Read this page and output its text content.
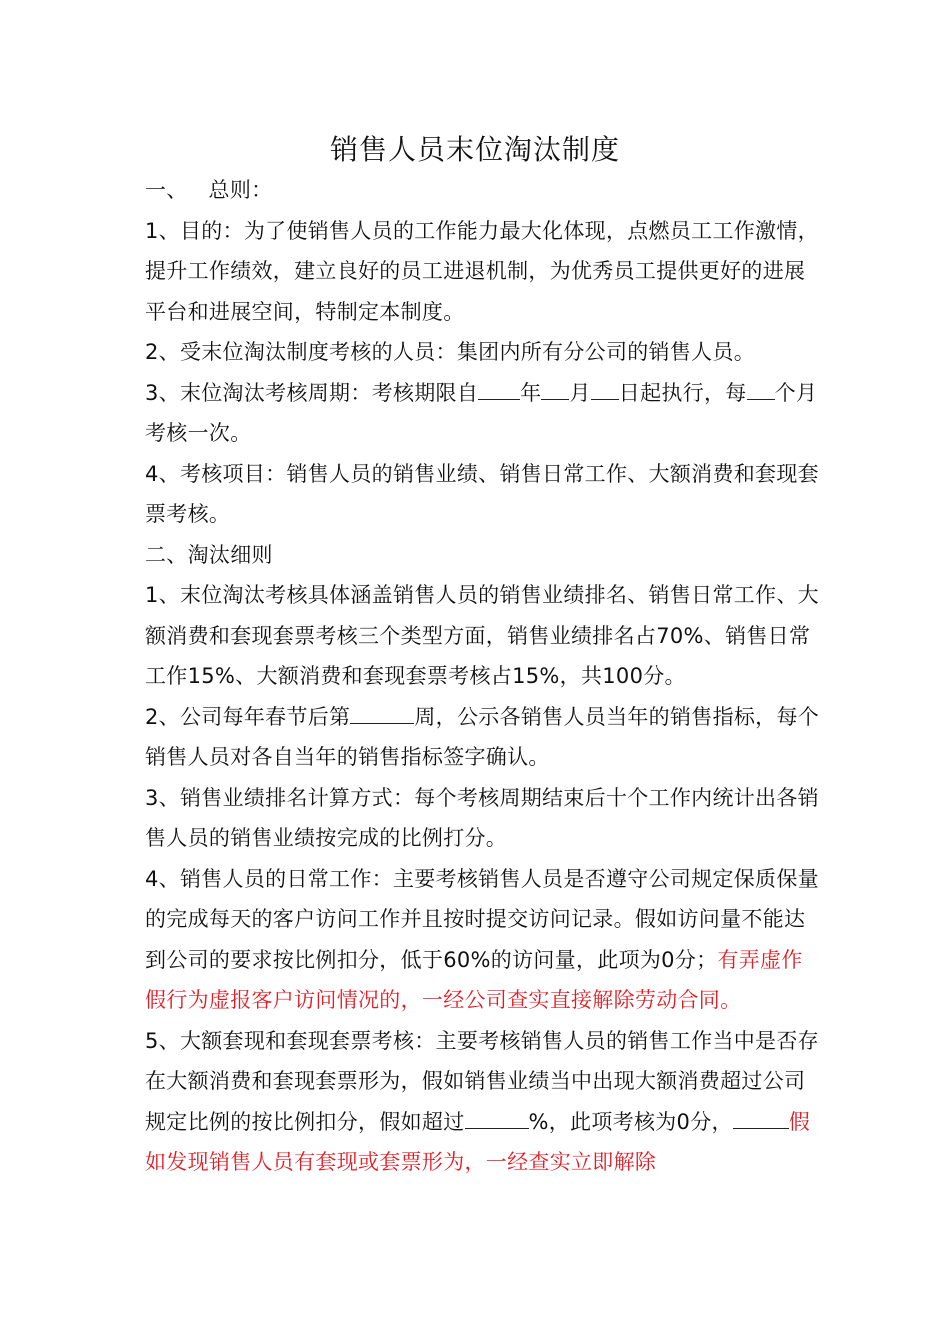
销售人员末位淘汰制度

一、   总则：

1、目的：为了使销售人员的工作能力最大化体现，点燃员工工作激情，提升工作绩效，建立良好的员工进退机制，为优秀员工提供更好的进展平台和进展空间，特制定本制度。

2、受末位淘汰制度考核的人员：集团内所有分公司的销售人员。

3、末位淘汰考核周期：考核期限自 年 月 日起执行，每 个月考核一次。

4、考核项目：销售人员的销售业绩、销售日常工作、大额消费和套现套票考核。

二、淘汰细则

1、末位淘汰考核具体涵盖销售人员的销售业绩排名、销售日常工作、大额消费和套现套票考核三个类型方面，销售业绩排名占70%、销售日常工作15%、大额消费和套现套票考核占15%，共100分。

2、公司每年春节后第	周，公示各销售人员当年的销售指标，每个销售人员对各自当年的销售指标签字确认。

3、销售业绩排名计算方式：每个考核周期结束后十个工作内统计出各销售人员的销售业绩按完成的比例打分。

4、销售人员的日常工作：主要考核销售人员是否遵守公司规定保质保量的完成每天的客户访问工作并且按时提交访问记录。假如访问量不能达到公司的要求按比例扣分，低于60%的访问量，此项为0分；有弄虚作假行为虚报客户访问情况的，一经公司查实直接解除劳动合同。

5、大额套现和套现套票考核：主要考核销售人员的销售工作当中是否存在大额消费和套现套票形为，假如销售业绩当中出现大额消费超过公司规定比例的按比例扣分，假如超过	%，此项考核为0分，	假如发现销售人员有套现或套票形为，一经查实立即解除
